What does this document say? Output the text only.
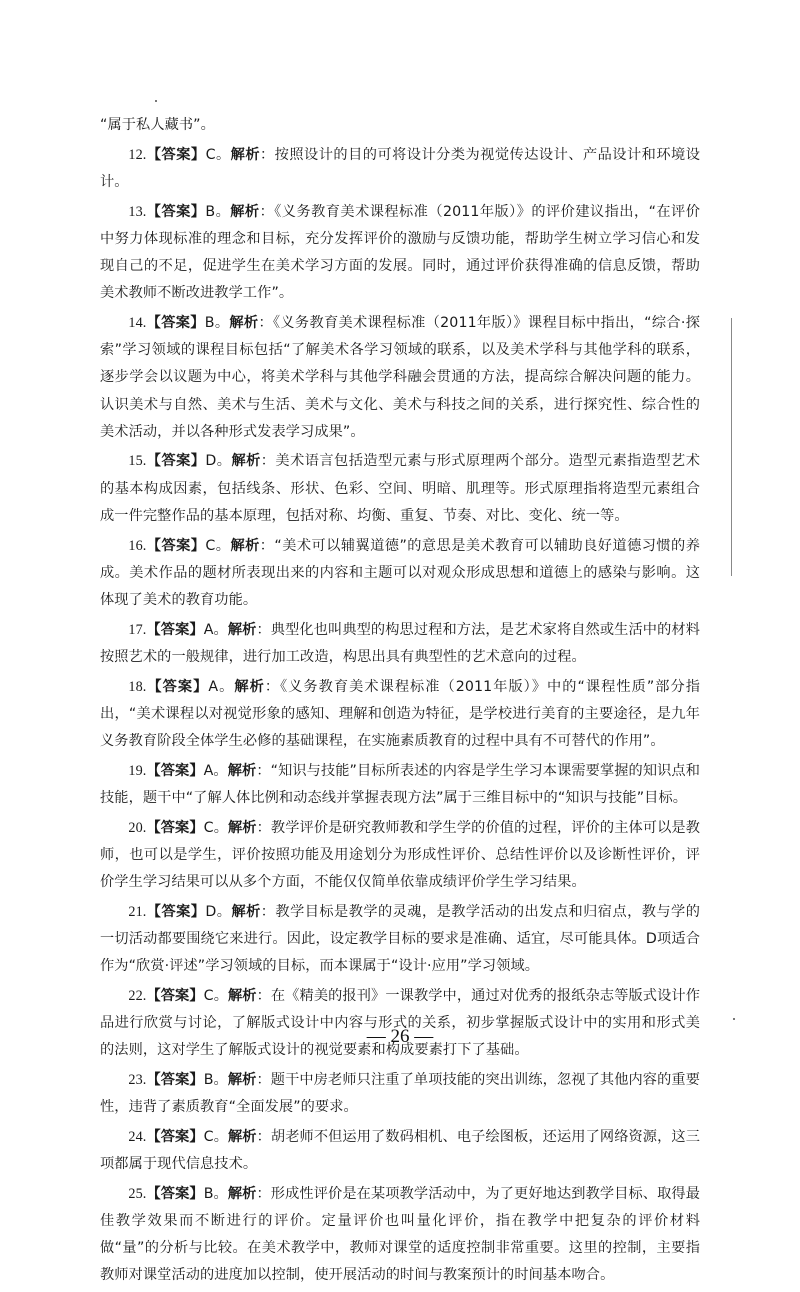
“属于私人藏书”。

12.【答案】C。解析：按照设计的目的可将设计分类为视觉传达设计、产品设计和环境设计。

13.【答案】B。解析：《义务教育美术课程标准（2011年版）》的评价建议指出，“在评价中努力体现标准的理念和目标，充分发挥评价的激励与反馈功能，帮助学生树立学习信心和发现自己的不足，促进学生在美术学习方面的发展。同时，通过评价获得准确的信息反馈，帮助美术教师不断改进教学工作”。

14.【答案】B。解析：《义务教育美术课程标准（2011年版）》课程目标中指出，“综合·探索”学习领域的课程目标包括“了解美术各学习领域的联系，以及美术学科与其他学科的联系，逐步学会以议题为中心，将美术学科与其他学科融会贯通的方法，提高综合解决问题的能力。认识美术与自然、美术与生活、美术与文化、美术与科技之间的关系，进行探究性、综合性的美术活动，并以各种形式发表学习成果”。

15.【答案】D。解析：美术语言包括造型元素与形式原理两个部分。造型元素指造型艺术的基本构成因素，包括线条、形状、色彩、空间、明暗、肌理等。形式原理指将造型元素组合成一件完整作品的基本原理，包括对称、均衡、重复、节奏、对比、变化、统一等。

16.【答案】C。解析：“美术可以辅翼道德”的意思是美术教育可以辅助良好道德习惯的养成。美术作品的题材所表现出来的内容和主题可以对观众形成思想和道德上的感染与影响。这体现了美术的教育功能。

17.【答案】A。解析：典型化也叫典型的构思过程和方法，是艺术家将自然或生活中的材料按照艺术的一般规律，进行加工改造，构思出具有典型性的艺术意向的过程。

18.【答案】A。解析：《义务教育美术课程标准（2011年版）》中的“课程性质”部分指出，“美术课程以对视觉形象的感知、理解和创造为特征，是学校进行美育的主要途径，是九年义务教育阶段全体学生必修的基础课程，在实施素质教育的过程中具有不可替代的作用”。

19.【答案】A。解析：“知识与技能”目标所表述的内容是学生学习本课需要掌握的知识点和技能，题干中“了解人体比例和动态线并掌握表现方法”属于三维目标中的“知识与技能”目标。

20.【答案】C。解析：教学评价是研究教师教和学生学的价值的过程，评价的主体可以是教师，也可以是学生，评价按照功能及用途划分为形成性评价、总结性评价以及诊断性评价，评价学生学习结果可以从多个方面，不能仅仅简单依靠成绩评价学生学习结果。

21.【答案】D。解析：教学目标是教学的灵魂，是教学活动的出发点和归宿点，教与学的一切活动都要围绕它来进行。因此，设定教学目标的要求是准确、适宜，尽可能具体。D项适合作为“欣赏·评述”学习领域的目标，而本课属于“设计·应用”学习领域。

22.【答案】C。解析：在《精美的报刊》一课教学中，通过对优秀的报纸杂志等版式设计作品进行欣赏与讨论，了解版式设计中内容与形式的关系，初步掌握版式设计中的实用和形式美的法则，这对学生了解版式设计的视觉要素和构成要素打下了基础。

23.【答案】B。解析：题干中房老师只注重了单项技能的突出训练，忽视了其他内容的重要性，违背了素质教育“全面发展”的要求。

24.【答案】C。解析：胡老师不但运用了数码相机、电子绘图板，还运用了网络资源，这三项都属于现代信息技术。

25.【答案】B。解析：形成性评价是在某项教学活动中，为了更好地达到教学目标、取得最佳教学效果而不断进行的评价。定量评价也叫量化评价，指在教学中把复杂的评价材料做“量”的分析与比较。在美术教学中，教师对课堂的适度控制非常重要。这里的控制，主要指教师对课堂活动的进度加以控制，使开展活动的时间与教案预计的时间基本吻合。

— 26 —
